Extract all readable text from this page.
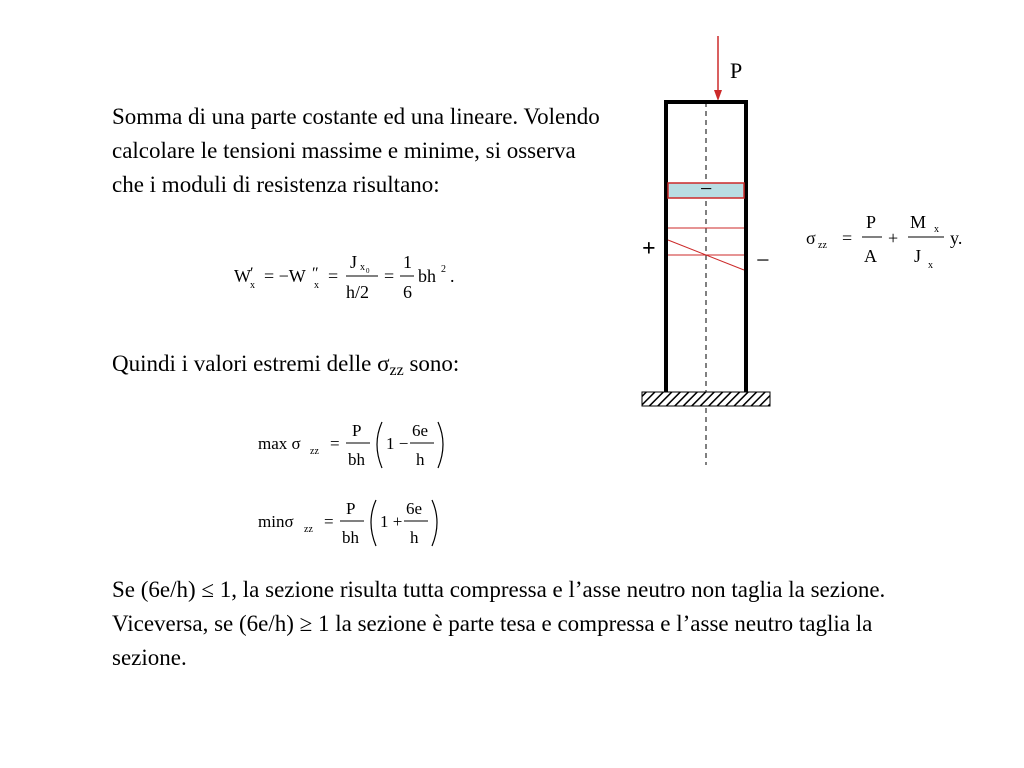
Somma di una parte costante ed una lineare. Volendo calcolare le tensioni massime e minime, si osserva che i moduli di resistenza risultano:
W ′
x = −W ″
x =
J x 0
h/2
=
1
6
bh 2 .
Quindi i valori estremi delle $\sigma_{zz}$ sono:
max σ zz =
P
bh
1 −
6e
h
minσ zz =
P
bh
1 +
6e
h
Se (6e/h) ≤ 1, la sezione risulta tutta compressa e l’asse neutro non taglia la sezione. Viceversa, se (6e/h) ≥ 1 la sezione è parte tesa e compressa e l’asse neutro taglia la sezione.
P
−
+	−
σ zz =
P
A
+
M x
J x
y.
